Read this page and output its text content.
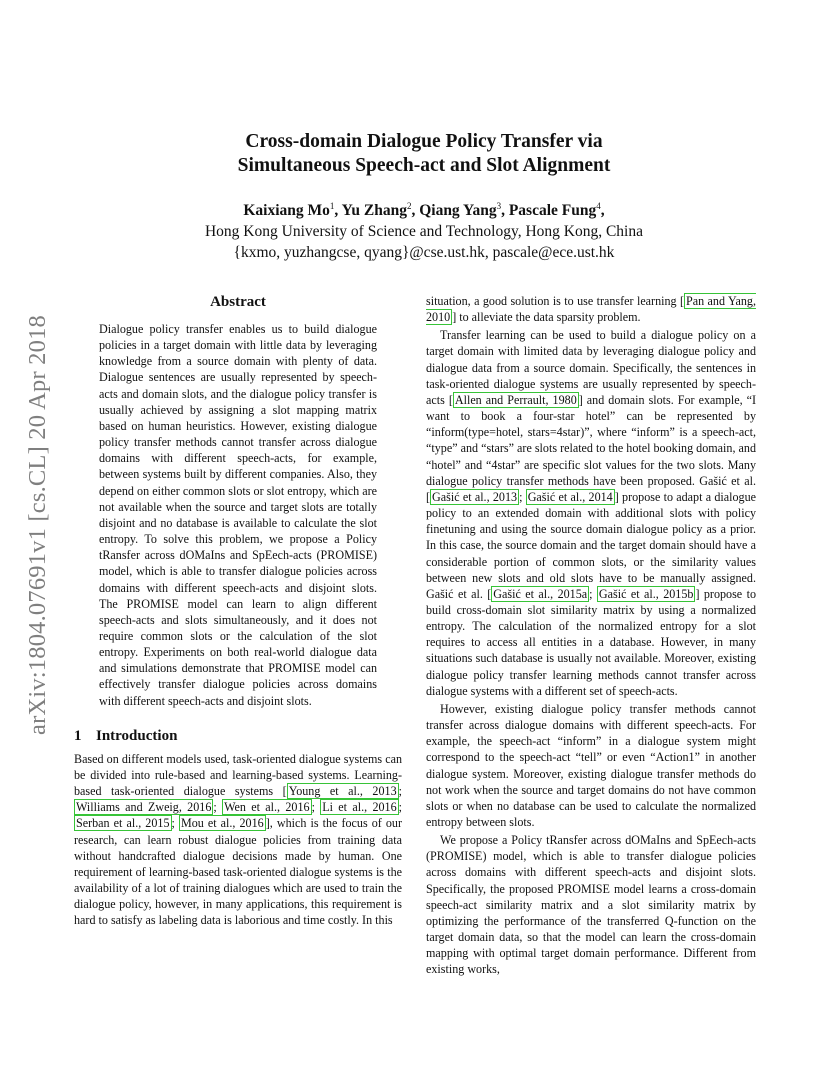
arXiv:1804.07691v1 [cs.CL] 20 Apr 2018
Cross-domain Dialogue Policy Transfer via
Simultaneous Speech-act and Slot Alignment
Kaixiang Mo$^1$, Yu Zhang$^2$, Qiang Yang$^3$, Pascale Fung$^4$,
Hong Kong University of Science and Technology, Hong Kong, China
{kxmo, yuzhangcse, qyang}@cse.ust.hk, pascale@ece.ust.hk
Abstract
Dialogue policy transfer enables us to build dialogue policies in a target domain with little data by leveraging knowledge from a source domain with plenty of data. Dialogue sentences are usually represented by speech-acts and domain slots, and the dialogue policy transfer is usually achieved by assigning a slot mapping matrix based on human heuristics. However, existing dialogue policy transfer methods cannot transfer across dialogue domains with different speech-acts, for example, between systems built by different companies. Also, they depend on either common slots or slot entropy, which are not available when the source and target slots are totally disjoint and no database is available to calculate the slot entropy. To solve this problem, we propose a Policy tRansfer across dOMaIns and SpEech-acts (PROMISE) model, which is able to transfer dialogue policies across domains with different speech-acts and disjoint slots. The PROMISE model can learn to align different speech-acts and slots simultaneously, and it does not require common slots or the calculation of the slot entropy. Experiments on both real-world dialogue data and simulations demonstrate that PROMISE model can effectively transfer dialogue policies across domains with different speech-acts and disjoint slots.
1 Introduction

Based on different models used, task-oriented dialogue systems can be divided into rule-based and learning-based systems. Learning-based task-oriented dialogue systems [ Young et al., 2013 ; Williams and Zweig, 2016 ; Wen et al., 2016 ; Li et al., 2016 ; Serban et al., 2015 ; Mou et al., 2016 ], which is the focus of our research, can learn robust dialogue policies from training data without handcrafted dialogue decisions made by human. One requirement of learning-based task-oriented dialogue systems is the availability of a lot of training dialogues which are used to train the dialogue policy, however, in many applications, this requirement is hard to satisfy as labeling data is laborious and time costly. In this

situation, a good solution is to use transfer learning [ Pan and Yang, 2010 ] to alleviate the data sparsity problem.

Transfer learning can be used to build a dialogue policy on a target domain with limited data by leveraging dialogue policy and dialogue data from a source domain. Specifically, the sentences in task-oriented dialogue systems are usually represented by speech-acts [ Allen and Perrault, 1980 ] and domain slots. For example, “I want to book a four-star hotel” can be represented by “inform(type=hotel, stars=4star)”, where “inform” is a speech-act, “type” and “stars” are slots related to the hotel booking domain, and “hotel” and “4star” are specific slot values for the two slots. Many dialogue policy transfer methods have been proposed. Gašić et al. [ Gašić et al., 2013 ; Gašić et al., 2014 ] propose to adapt a dialogue policy to an extended domain with additional slots with policy finetuning and using the source domain dialogue policy as a prior. In this case, the source domain and the target domain should have a considerable portion of common slots, or the similarity values between new slots and old slots have to be manually assigned. Gašić et al. [ Gašić et al., 2015a ; Gašić et al., 2015b ] propose to build cross-domain slot similarity matrix by using a normalized entropy. The calculation of the normalized entropy for a slot requires to access all entities in a database. However, in many situations such database is usually not available. Moreover, existing dialogue policy transfer learning methods cannot transfer across dialogue systems with a different set of speech-acts.

However, existing dialogue policy transfer methods cannot transfer across dialogue domains with different speech-acts. For example, the speech-act “inform” in a dialogue system might correspond to the speech-act “tell” or even “Action1” in another dialogue system. Moreover, existing dialogue transfer methods do not work when the source and target domains do not have common slots or when no database can be used to calculate the normalized entropy between slots.

We propose a Policy tRansfer across dOMaIns and SpEech-acts (PROMISE) model, which is able to transfer dialogue policies across domains with different speech-acts and disjoint slots. Specifically, the proposed PROMISE model learns a cross-domain speech-act similarity matrix and a slot similarity matrix by optimizing the performance of the transferred Q-function on the target domain data, so that the model can learn the cross-domain mapping with optimal target domain performance. Different from existing works,
